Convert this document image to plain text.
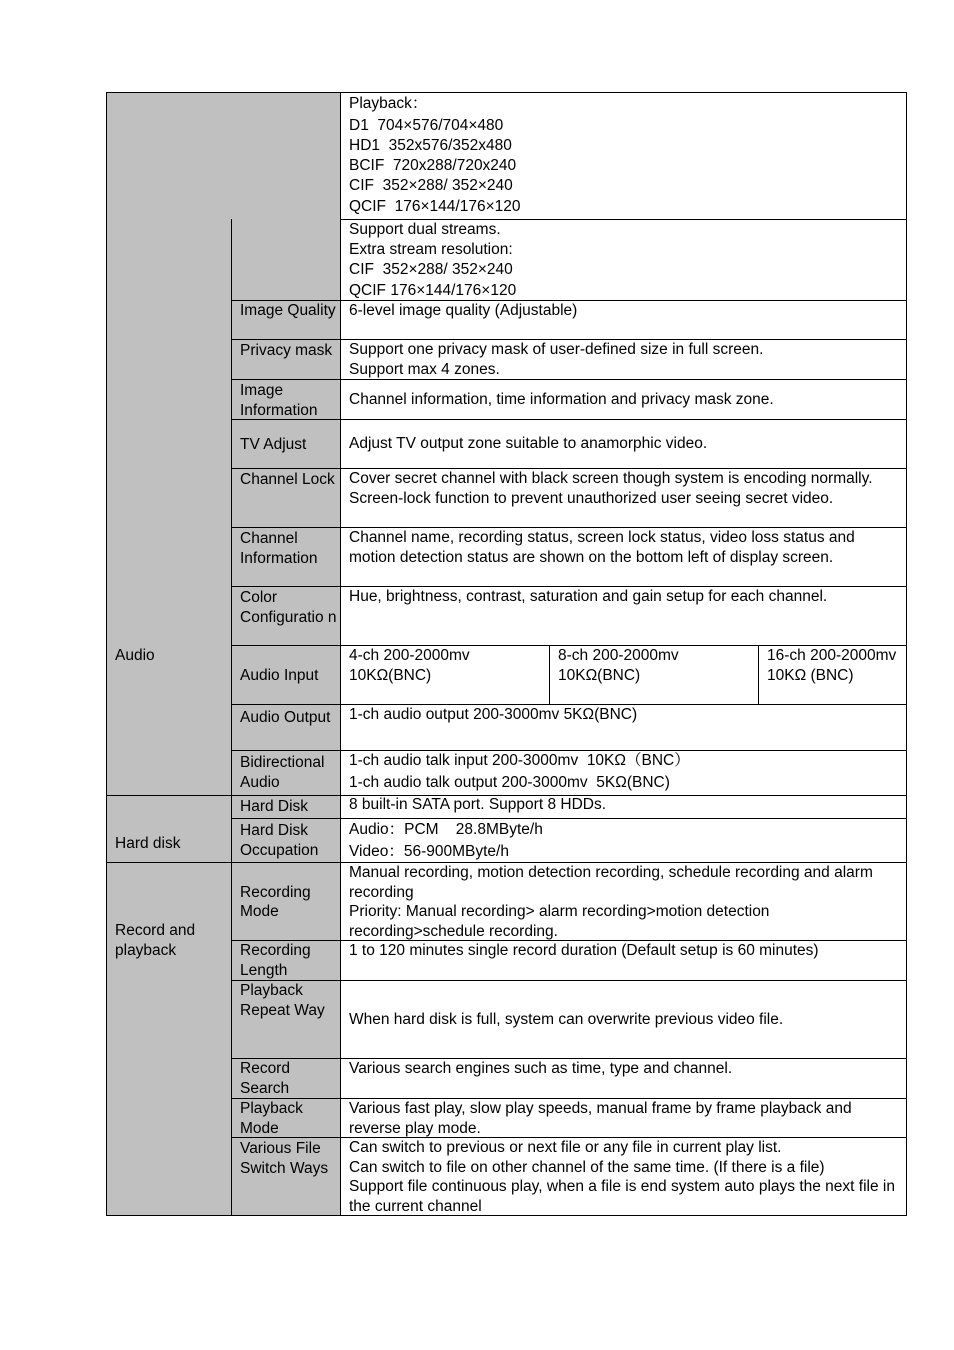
Audio
Hard disk
Record and playback
Image Quality
Privacy mask
Image Information
TV Adjust
Channel Lock
Channel Information
Color Configuratio n
Audio Input
Audio Output
Bidirectional Audio
Hard Disk
Hard Disk Occupation
Recording Mode
Recording Length
Playback Repeat Way
Record Search
Playback Mode
Various File Switch Ways
Playback：
D1  704×576/704×480
HD1  352x576/352x480
BCIF  720x288/720x240
CIF  352×288/ 352×240
QCIF  176×144/176×120
Support dual streams.
Extra stream resolution:
CIF  352×288/ 352×240
QCIF 176×144/176×120
6-level image quality (Adjustable)
Support one privacy mask of user-defined size in full screen.
Support max 4 zones.
Channel information, time information and privacy mask zone.
Adjust TV output zone suitable to anamorphic video.
Cover secret channel with black screen though system is encoding normally.
Screen-lock function to prevent unauthorized user seeing secret video.
Channel name, recording status, screen lock status, video loss status and motion detection status are shown on the bottom left of display screen.
Hue, brightness, contrast, saturation and gain setup for each channel.
4-ch 200-2000mv 10KΩ(BNC)
8-ch 200-2000mv 10KΩ(BNC)
16-ch 200-2000mv 10KΩ (BNC)
1-ch audio output 200-3000mv 5KΩ(BNC)
1-ch audio talk input 200-3000mv  10KΩ（BNC）
1-ch audio talk output 200-3000mv  5KΩ(BNC)
8 built-in SATA port. Support 8 HDDs.
Audio：PCM    28.8MByte/h
Video：56-900MByte/h
Manual recording, motion detection recording, schedule recording and alarm recording
Priority: Manual recording> alarm recording>motion detection recording>schedule recording.
1 to 120 minutes single record duration (Default setup is 60 minutes)
When hard disk is full, system can overwrite previous video file.
Various search engines such as time, type and channel.
Various fast play, slow play speeds, manual frame by frame playback and reverse play mode.
Can switch to previous or next file or any file in current play list.
Can switch to file on other channel of the same time. (If there is a file)
Support file continuous play, when a file is end system auto plays the next file in the current channel
